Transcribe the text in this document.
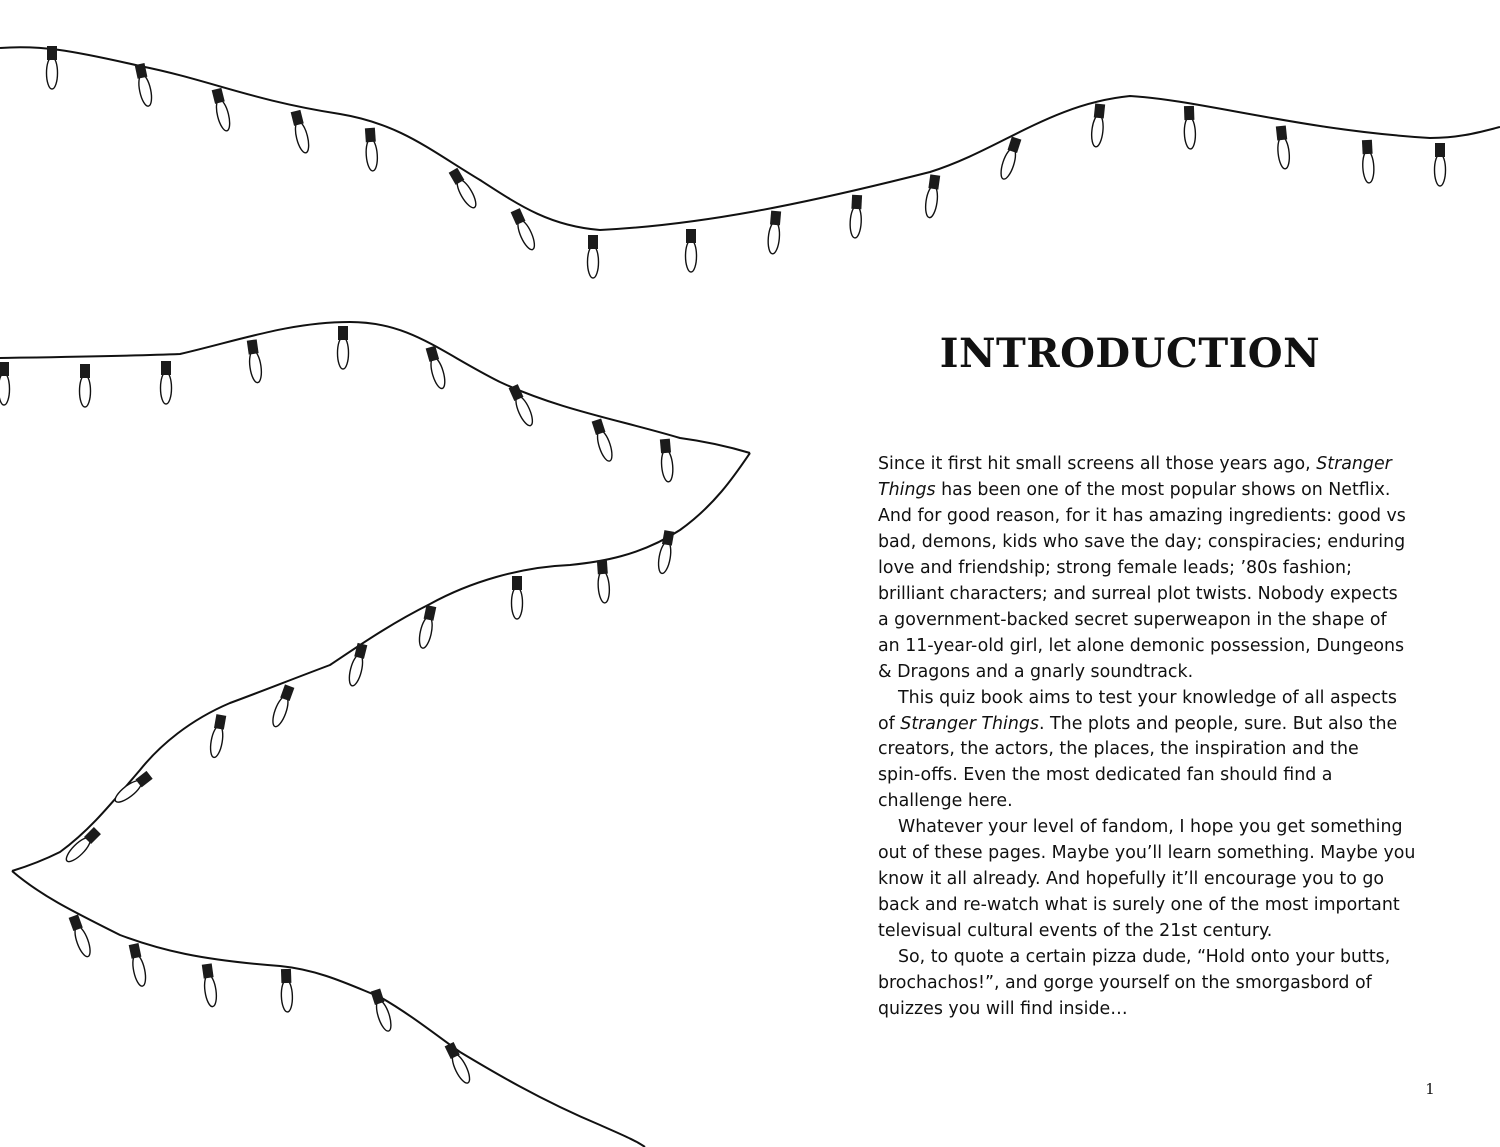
INTRODUCTION

Since it first hit small screens all those years ago, Stranger

Things has been one of the most popular shows on Netflix.

And for good reason, for it has amazing ingredients: good vs

bad, demons, kids who save the day; conspiracies; enduring

love and friendship; strong female leads; ’80s fashion;

brilliant characters; and surreal plot twists. Nobody expects

a government-backed secret superweapon in the shape of

an 11-year-old girl, let alone demonic possession, Dungeons

& Dragons and a gnarly soundtrack.

This quiz book aims to test your knowledge of all aspects

of Stranger Things. The plots and people, sure. But also the

creators, the actors, the places, the inspiration and the

spin-offs. Even the most dedicated fan should find a

challenge here.

Whatever your level of fandom, I hope you get something

out of these pages. Maybe you’ll learn something. Maybe you

know it all already. And hopefully it’ll encourage you to go

back and re-watch what is surely one of the most important

televisual cultural events of the 21st century.

So, to quote a certain pizza dude, “Hold onto your butts,

brochachos!”, and gorge yourself on the smorgasbord of

quizzes you will find inside…

1
